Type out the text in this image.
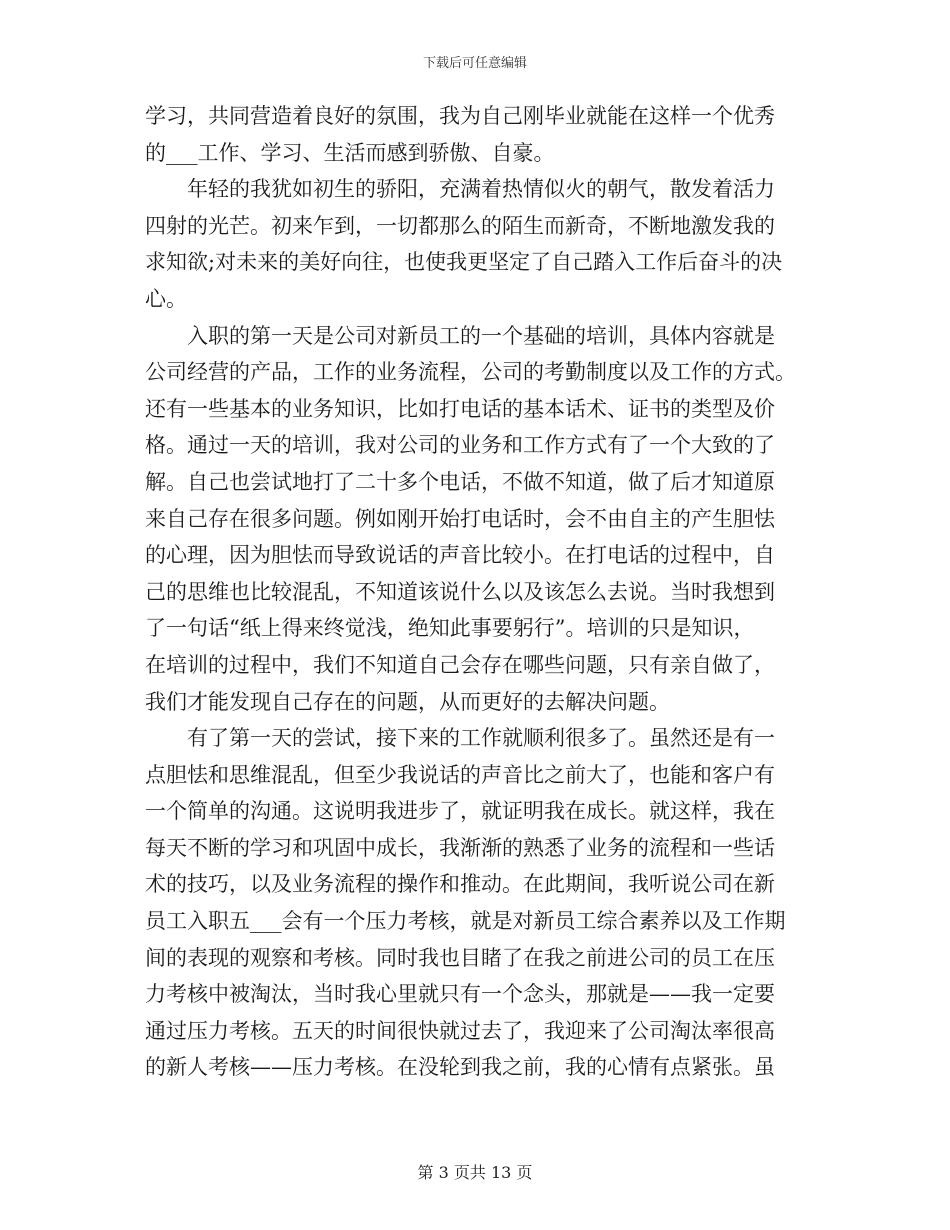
下载后可任意编辑

学习，共同营造着良好的氛围，我为自己刚毕业就能在这样一个优秀
的___工作、学习、生活而感到骄傲、自豪。

年轻的我犹如初生的骄阳，充满着热情似火的朝气，散发着活力
四射的光芒。初来乍到，一切都那么的陌生而新奇，不断地激发我的
求知欲;对未来的美好向往，也使我更坚定了自己踏入工作后奋斗的决
心。

入职的第一天是公司对新员工的一个基础的培训，具体内容就是
公司经营的产品，工作的业务流程，公司的考勤制度以及工作的方式。
还有一些基本的业务知识，比如打电话的基本话术、证书的类型及价
格。通过一天的培训，我对公司的业务和工作方式有了一个大致的了
解。自己也尝试地打了二十多个电话，不做不知道，做了后才知道原
来自己存在很多问题。例如刚开始打电话时，会不由自主的产生胆怯
的心理，因为胆怯而导致说话的声音比较小。在打电话的过程中，自
己的思维也比较混乱，不知道该说什么以及该怎么去说。当时我想到
了一句话“纸上得来终觉浅，绝知此事要躬行”。培训的只是知识，
在培训的过程中，我们不知道自己会存在哪些问题，只有亲自做了，
我们才能发现自己存在的问题，从而更好的去解决问题。

有了第一天的尝试，接下来的工作就顺利很多了。虽然还是有一
点胆怯和思维混乱，但至少我说话的声音比之前大了，也能和客户有
一个简单的沟通。这说明我进步了，就证明我在成长。就这样，我在
每天不断的学习和巩固中成长，我渐渐的熟悉了业务的流程和一些话
术的技巧，以及业务流程的操作和推动。在此期间，我听说公司在新
员工入职五___会有一个压力考核，就是对新员工综合素养以及工作期
间的表现的观察和考核。同时我也目睹了在我之前进公司的员工在压
力考核中被淘汰，当时我心里就只有一个念头，那就是——我一定要
通过压力考核。五天的时间很快就过去了，我迎来了公司淘汰率很高
的新人考核——压力考核。在没轮到我之前，我的心情有点紧张。虽

第 3 页共 13 页
